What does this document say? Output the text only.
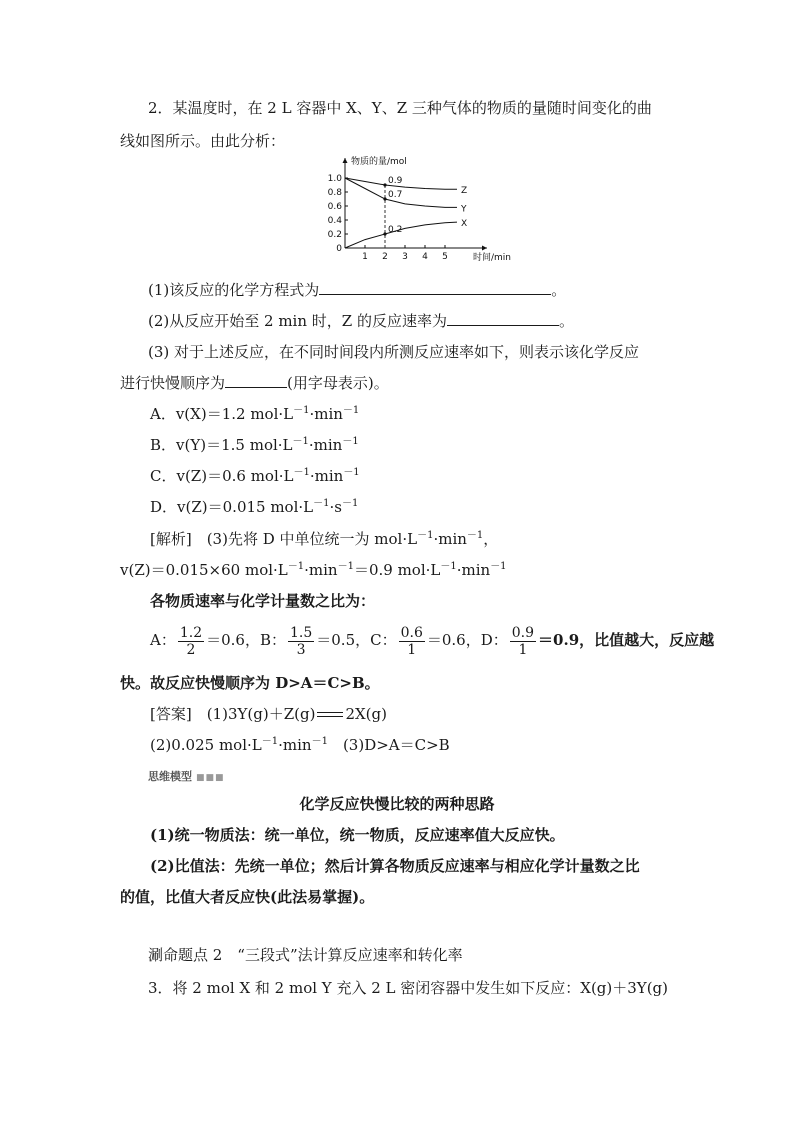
2．某温度时，在 2 L 容器中 X、Y、Z 三种气体的物质的量随时间变化的曲
线如图所示。由此分析：
1.0
0.8
0.6
0.4
0.2
0
1 2 3 4 5
物质的量/mol
时间/min
Z
Y
X
0.9
0.7
0.2
(1)该反应的化学方程式为	。
(2)从反应开始至 2 min 时，Z 的反应速率为	。
(3) 对于上述反应，在不同时间段内所测反应速率如下，则表示该化学反应
进行快慢顺序为	(用字母表示)。
A．v(X)＝1.2 $mol\cdot L^{-1}\cdot\min^{-1}$
B．v(Y)＝1.5 $mol\cdot L^{-1}\cdot\min^{-1}$
C．v(Z)＝0.6 $mol\cdot L^{-1}\cdot\min^{-1}$
D．v(Z)＝0.015 $mol\cdot L^{-1}\cdot s^{-1}$
[解析]　(3)先将 D 中单位统一为 $mol\cdot L^{-1}\cdot\min^{-1}$，
v(Z)＝0.015×60 $mol\cdot L^{-1}\cdot\min^{-1}=0.9$ $mol\cdot L^{-1}\cdot\min^{-1}$
各物质速率与化学计量数之比为：
A： $\frac{1.2}{2} =0.6$，B： $\frac{1.5}{3} =0.5$，C： $\frac{0.6}{1} =0.6$，D： $\frac{0.9}{1} =0.9$，比值越大，反应越
快。故反应快慢顺序为 D>A＝C>B。
[答案]　(1)3Y(g)＋Z(g) 2X(g)
(2)0.025 $mol\cdot L^{-1}\cdot\min^{-1}$　(3)D>A＝C>B
思维模型 ■■■
化学反应快慢比较的两种思路
(1)统一物质法：统一单位，统一物质，反应速率值大反应快。
(2)比值法：先统一单位；然后计算各物质反应速率与相应化学计量数之比
的值，比值大者反应快(此法易掌握)。
涮命题点 2　“三段式”法计算反应速率和转化率
3．将 2 mol X 和 2 mol Y 充入 2 L 密闭容器中发生如下反应：X(g)＋3Y(g)
